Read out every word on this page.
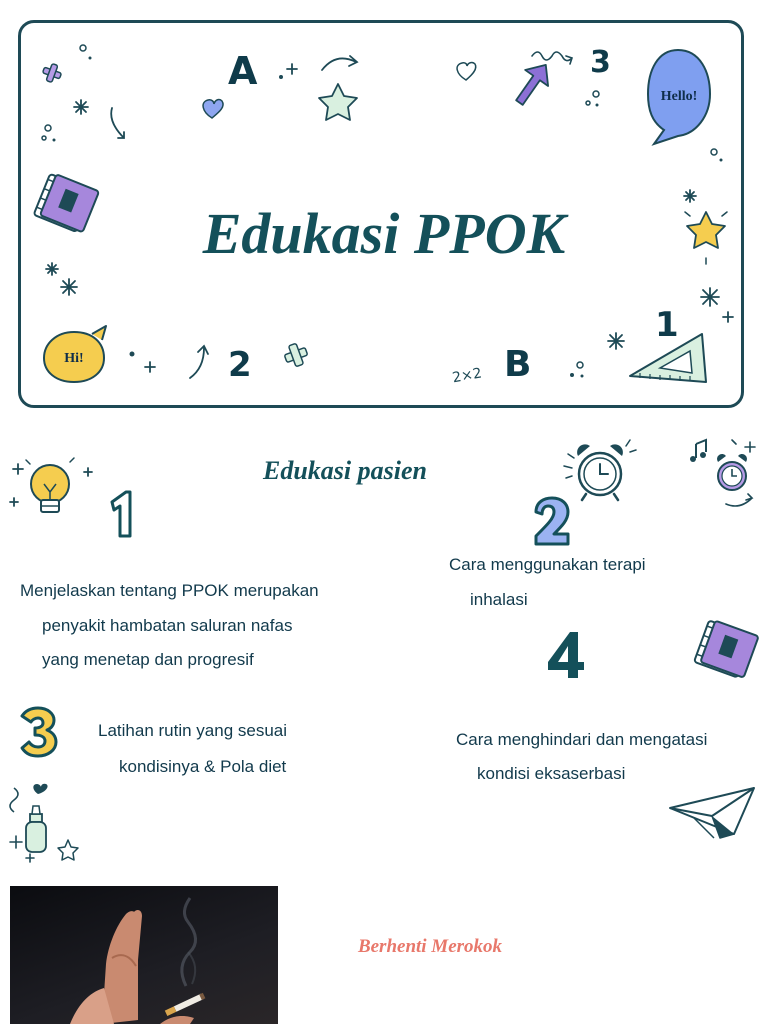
Edukasi PPOK
A	3
Hello!
1
Hi!	2	2×2 B
Edukasi pasien
Menjelaskan tentang PPOK merupakan
penyakit hambatan saluran nafas
yang menetap dan progresif
Cara menggunakan terapi
inhalasi
Latihan rutin yang sesuai
kondisinya & Pola diet
Cara menghindari dan mengatasi
kondisi eksaserbasi
Berhenti Merokok
